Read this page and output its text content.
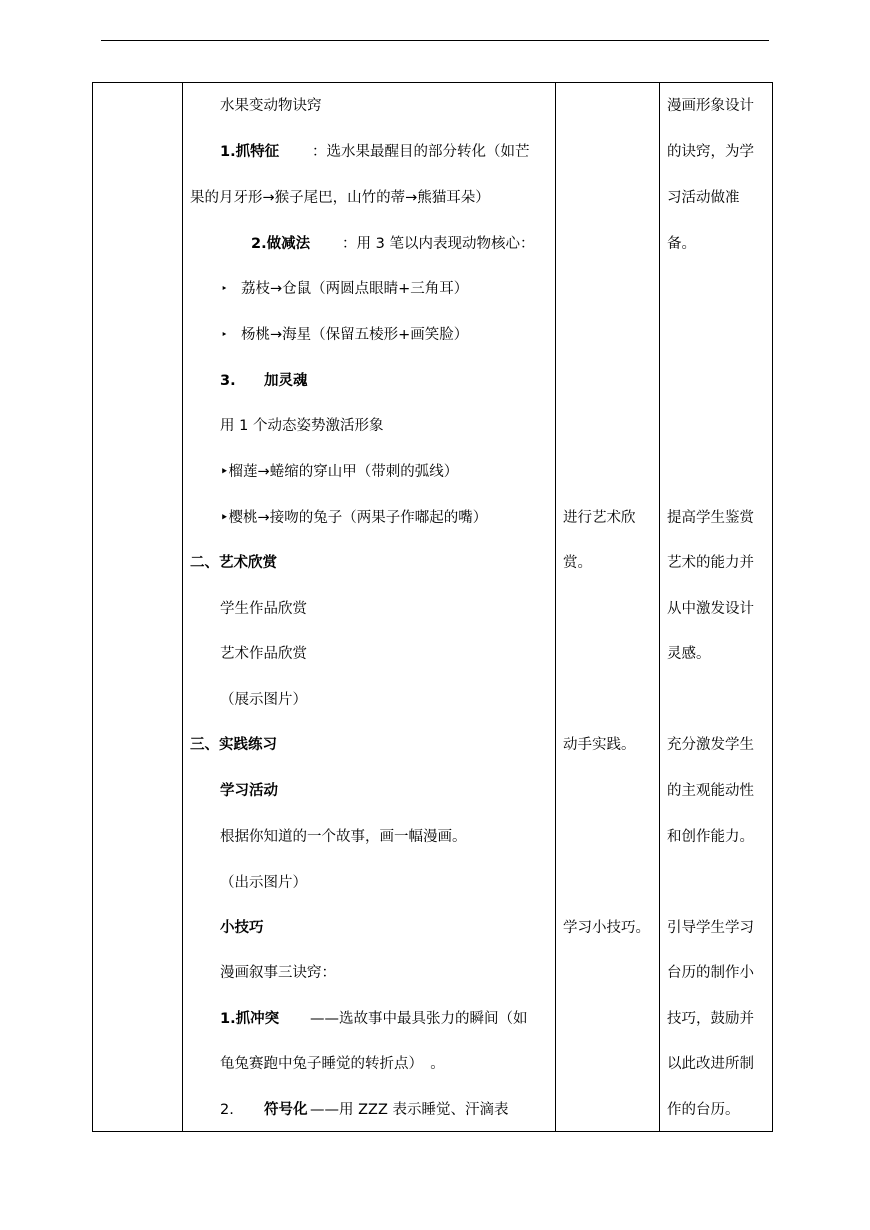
水果变动物诀窍
1.抓特征 ：选水果最醒目的部分转化（如芒
果的月牙形→猴子尾巴，山竹的蒂→熊猫耳朵）
2.做减法 ：用 3 笔以内表现动物核心：
‣ 荔枝→仓鼠（两圆点眼睛+三角耳）
‣ 杨桃→海星（保留五棱形+画笑脸）
3. 加灵魂
用 1 个动态姿势激活形象
‣榴莲→蜷缩的穿山甲（带刺的弧线）
‣樱桃→接吻的兔子（两果子作嘟起的嘴）
二、艺术欣赏
学生作品欣赏
艺术作品欣赏
（展示图片）
三、实践练习
学习活动
根据你知道的一个故事，画一幅漫画。
（出示图片）
小技巧
漫画叙事三诀窍：
1.抓冲突 ——选故事中最具张力的瞬间（如
龟兔赛跑中兔子睡觉的转折点）　。
2. 符号化 ——用 ZZZ 表示睡觉、汗滴表
进行艺术欣
赏。
动手实践。
学习小技巧。
漫画形象设计
的诀窍，为学
习活动做准
备。
提高学生鉴赏
艺术的能力并
从中激发设计
灵感。
充分激发学生
的主观能动性
和创作能力。
引导学生学习
台历的制作小
技巧，鼓励并
以此改进所制
作的台历。
